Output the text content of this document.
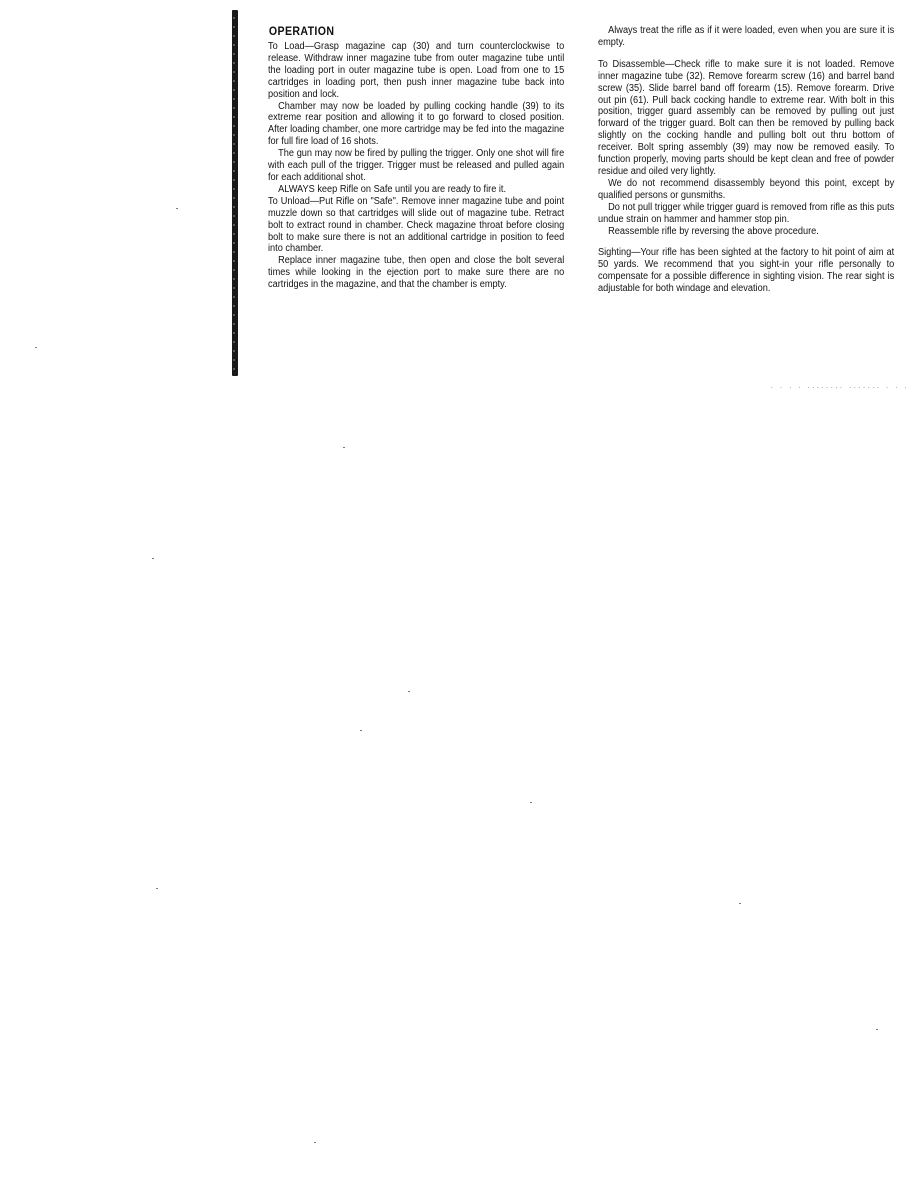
OPERATION

To Load—Grasp magazine cap (30) and turn counterclockwise to release. Withdraw inner magazine tube from outer magazine tube until the loading port in outer magazine tube is open. Load from one to 15 cartridges in loading port, then push inner magazine tube back into position and lock.

Chamber may now be loaded by pulling cocking handle (39) to its extreme rear position and allowing it to go forward to closed position. After loading chamber, one more cartridge may be fed into the magazine for full fire load of 16 shots.

The gun may now be fired by pulling the trigger. Only one shot will fire with each pull of the trigger. Trigger must be released and pulled again for each additional shot.

ALWAYS keep Rifle on Safe until you are ready to fire it.

To Unload—Put Rifle on "Safe". Remove inner magazine tube and point muzzle down so that cartridges will slide out of magazine tube. Retract bolt to extract round in chamber. Check magazine throat before closing bolt to make sure there is not an additional cartridge in position to feed into chamber.

Replace inner magazine tube, then open and close the bolt several times while looking in the ejection port to make sure there are no cartridges in the magazine, and that the chamber is empty.

Always treat the rifle as if it were loaded, even when you are sure it is empty.

To Disassemble—Check rifle to make sure it is not loaded. Remove inner magazine tube (32). Remove forearm screw (16) and barrel band screw (35). Slide barrel band off forearm (15). Remove forearm. Drive out pin (61). Pull back cocking handle to extreme rear. With bolt in this position, trigger guard assembly can be removed by pulling out just forward of the trigger guard. Bolt can then be removed by pulling back slightly on the cocking handle and pulling bolt out thru bottom of receiver. Bolt spring assembly (39) may now be removed easily. To function properly, moving parts should be kept clean and free of powder residue and oiled very lightly.

We do not recommend disassembly beyond this point, except by qualified persons or gunsmiths.

Do not pull trigger while trigger guard is removed from rifle as this puts undue strain on hammer and hammer stop pin.

Reassemble rifle by reversing the above procedure.

Sighting—Your rifle has been sighted at the factory to hit point of aim at 50 yards. We recommend that you sight-in your rifle personally to compensate for a possible difference in sighting vision. The rear sight is adjustable for both windage and elevation.

. . . . ........ ....... . . .
